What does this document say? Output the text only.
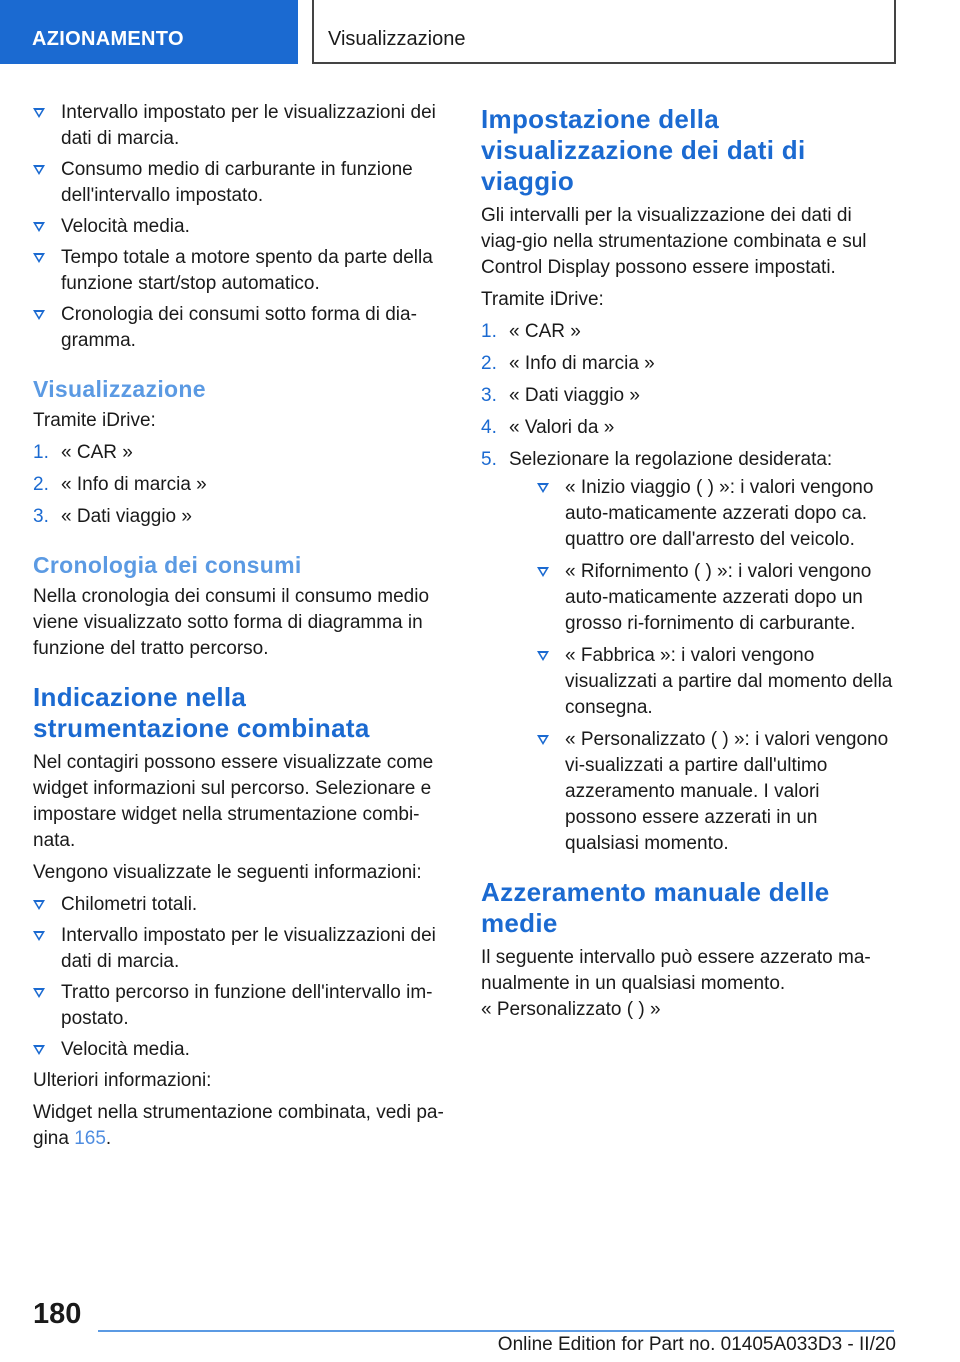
AZIONAMENTO	Visualizzazione
Intervallo impostato per le visualizzazioni dei dati di marcia.
Consumo medio di carburante in funzione dell'intervallo impostato.
Velocità media.
Tempo totale a motore spento da parte della funzione start/stop automatico.
Cronologia dei consumi sotto forma di dia-gramma.
Visualizzazione

Tramite iDrive:

1. « CAR »
2. « Info di marcia »
3. « Dati viaggio »
Cronologia dei consumi

Nella cronologia dei consumi il consumo medio viene visualizzato sotto forma di diagramma in funzione del tratto percorso.

Indicazione nella strumentazione combinata

Nel contagiri possono essere visualizzate come widget informazioni sul percorso. Selezionare e impostare widget nella strumentazione combi-nata.

Vengono visualizzate le seguenti informazioni:

Chilometri totali.
Intervallo impostato per le visualizzazioni dei dati di marcia.
Tratto percorso in funzione dell'intervallo im-postato.
Velocità media.

Ulteriori informazioni:

Widget nella strumentazione combinata, vedi pa-gina 165.

Impostazione della visualizzazione dei dati di viaggio

Gli intervalli per la visualizzazione dei dati di viag-gio nella strumentazione combinata e sul Control Display possono essere impostati.

Tramite iDrive:

1. « CAR »
2. « Info di marcia »
3. « Dati viaggio »
4. « Valori da »
5. Selezionare la regolazione desiderata:
« Inizio viaggio ( ) »: i valori vengono auto-maticamente azzerati dopo ca. quattro ore dall'arresto del veicolo.
« Rifornimento ( ) »: i valori vengono auto-maticamente azzerati dopo un grosso ri-fornimento di carburante.
« Fabbrica »: i valori vengono visualizzati a partire dal momento della consegna.
« Personalizzato ( ) »: i valori vengono vi-sualizzati a partire dall'ultimo azzeramento manuale. I valori possono essere azzerati in un qualsiasi momento.
Azzeramento manuale delle medie

Il seguente intervallo può essere azzerato ma-nualmente in un qualsiasi momento.

« Personalizzato ( ) »

180
Online Edition for Part no. 01405A033D3 - II/20
